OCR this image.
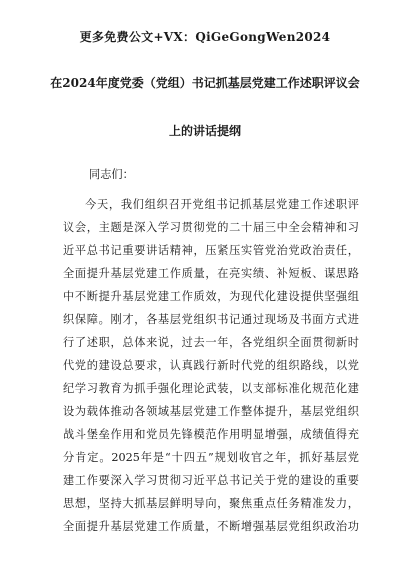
更多免费公文+VX：QiGeGongWen2024
在2024年度党委（党组）书记抓基层党建工作述职评议会
上的讲话提纲
同志们：
今天，我们组织召开党组书记抓基层党建工作述职评
议会，主题是深入学习贯彻党的二十届三中全会精神和习
近平总书记重要讲话精神，压紧压实管党治党政治责任，
全面提升基层党建工作质量，在亮实绩、补短板、谋思路
中不断提升基层党建工作质效，为现代化建设提供坚强组
织保障。刚才，各基层党组织书记通过现场及书面方式进
行了述职，总体来说，过去一年，各党组织全面贯彻新时
代党的建设总要求，认真践行新时代党的组织路线，以党
纪学习教育为抓手强化理论武装，以支部标准化规范化建
设为载体推动各领域基层党建工作整体提升，基层党组织
战斗堡垒作用和党员先锋模范作用明显增强，成绩值得充
分肯定。2025年是“十四五”规划收官之年，抓好基层党
建工作要深入学习贯彻习近平总书记关于党的建设的重要
思想，坚持大抓基层鲜明导向，聚焦重点任务精准发力，
全面提升基层党建工作质量，不断增强基层党组织政治功
